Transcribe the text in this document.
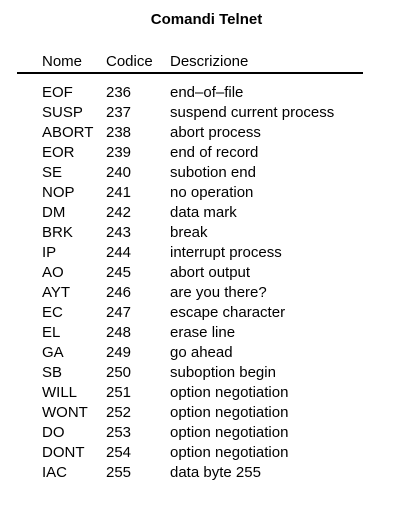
Comandi Telnet
Nome Codice Descrizione
EOF 236	end–of–file
SUSP 237	suspend current process
ABORT 238	abort process
EOR 239	end of record
SE	240	subotion end
NOP 241	no operation
DM	242	data mark
BRK 243	break
IP	244	interrupt process
AO	245	abort output
AYT 246	are you there?
EC	247	escape character
EL	248	erase line
GA	249	go ahead
SB	250	suboption begin
WILL 251	option negotiation
WONT 252	option negotiation
DO	253	option negotiation
DONT 254	option negotiation
IAC	255	data byte 255
